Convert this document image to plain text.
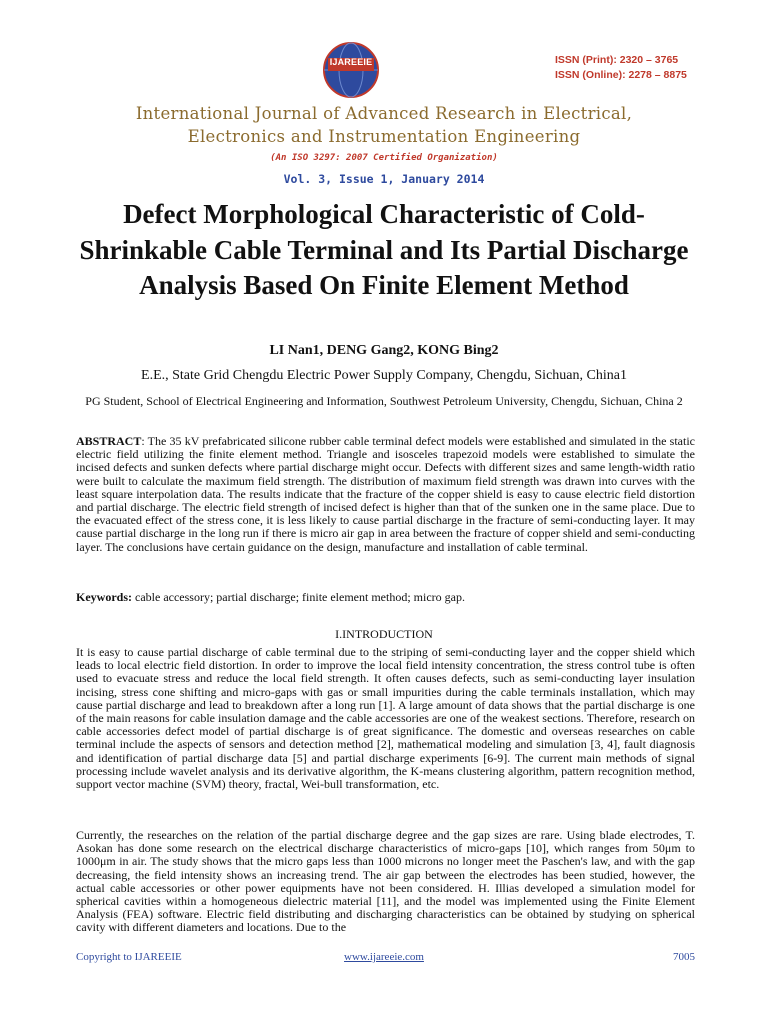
IJAREEIE	ISSN (Print): 2320 – 3765
ISSN (Online): 2278 – 8875
International Journal of Advanced Research in Electrical,
Electronics and Instrumentation Engineering
(An ISO 3297: 2007 Certified Organization)
Vol. 3, Issue 1, January 2014
Defect Morphological Characteristic of Cold-Shrinkable Cable Terminal and Its Partial Discharge Analysis Based On Finite Element Method
LI Nan1, DENG Gang2, KONG Bing2
E.E., State Grid Chengdu Electric Power Supply Company, Chengdu, Sichuan, China1
PG Student, School of Electrical Engineering and Information, Southwest Petroleum University, Chengdu, Sichuan, China 2
ABSTRACT: The 35 kV prefabricated silicone rubber cable terminal defect models were established and simulated in the static electric field utilizing the finite element method. Triangle and isosceles trapezoid models were established to simulate the incised defects and sunken defects where partial discharge might occur. Defects with different sizes and same length-width ratio were built to calculate the maximum field strength. The distribution of maximum field strength was drawn into curves with the least square interpolation data. The results indicate that the fracture of the copper shield is easy to cause electric field distortion and partial discharge. The electric field strength of incised defect is higher than that of the sunken one in the same place. Due to the evacuated effect of the stress cone, it is less likely to cause partial discharge in the fracture of semi-conducting layer. It may cause partial discharge in the long run if there is micro air gap in area between the fracture of copper shield and semi-conducting layer. The conclusions have certain guidance on the design, manufacture and installation of cable terminal.
Keywords: cable accessory; partial discharge; finite element method; micro gap.
I.INTRODUCTION
It is easy to cause partial discharge of cable terminal due to the striping of semi-conducting layer and the copper shield which leads to local electric field distortion. In order to improve the local field intensity concentration, the stress control tube is often used to evacuate stress and reduce the local field strength. It often causes defects, such as semi-conducting layer insulation incising, stress cone shifting and micro-gaps with gas or small impurities during the cable terminals installation, which may cause partial discharge and lead to breakdown after a long run [1]. A large amount of data shows that the partial discharge is one of the main reasons for cable insulation damage and the cable accessories are one of the weakest sections. Therefore, research on cable accessories defect model of partial discharge is of great significance. The domestic and overseas researches on cable terminal include the aspects of sensors and detection method [2], mathematical modeling and simulation [3, 4], fault diagnosis and identification of partial discharge data [5] and partial discharge experiments [6-9]. The current main methods of signal processing include wavelet analysis and its derivative algorithm, the K-means clustering algorithm, pattern recognition method, support vector machine (SVM) theory, fractal, Wei-bull transformation, etc.
Currently, the researches on the relation of the partial discharge degree and the gap sizes are rare. Using blade electrodes, T. Asokan has done some research on the electrical discharge characteristics of micro-gaps [10], which ranges from 50μm to 1000μm in air. The study shows that the micro gaps less than 1000 microns no longer meet the Paschen's law, and with the gap decreasing, the field intensity shows an increasing trend. The air gap between the electrodes has been studied, however, the actual cable accessories or other power equipments have not been considered. H. Illias developed a simulation model for spherical cavities within a homogeneous dielectric material [11], and the model was implemented using the Finite Element Analysis (FEA) software. Electric field distributing and discharging characteristics can be obtained by studying on spherical cavity with different diameters and locations. Due to the
Copyright to IJAREEIE	www.ijareeie.com	7005
